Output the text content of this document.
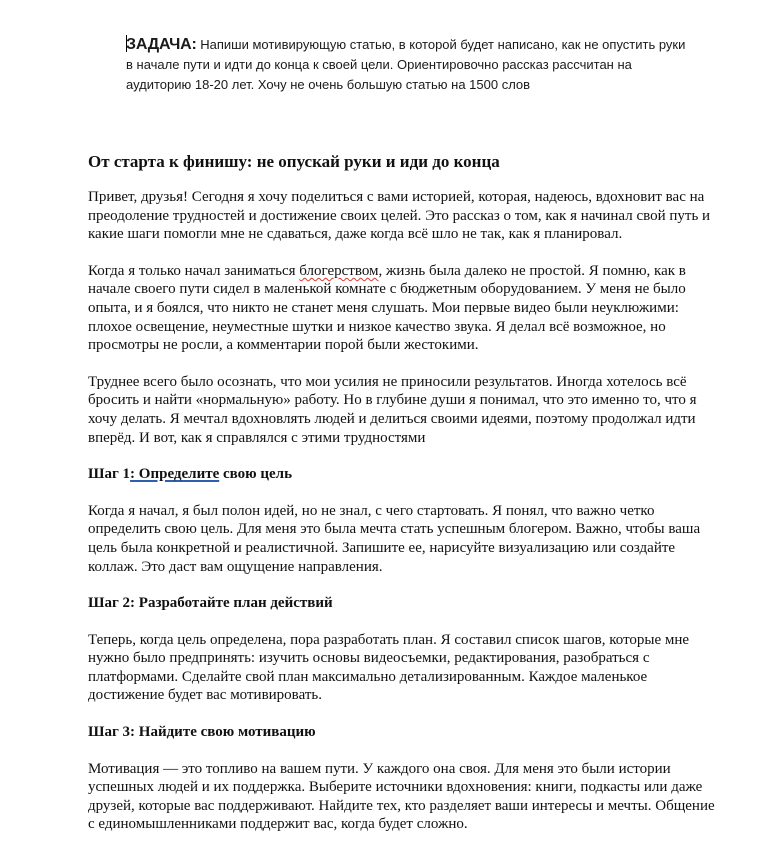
ЗАДАЧА: Напиши мотивирующую статью, в которой будет написано, как не опустить руки в начале пути и идти до конца к своей цели. Ориентировочно рассказ рассчитан на аудиторию 18-20 лет. Хочу не очень большую статью на 1500 слов
От старта к финишу: не опускай руки и иди до конца

Привет, друзья! Сегодня я хочу поделиться с вами историей, которая, надеюсь, вдохновит вас на преодоление трудностей и достижение своих целей. Это рассказ о том, как я начинал свой путь и какие шаги помогли мне не сдаваться, даже когда всё шло не так, как я планировал.

Когда я только начал заниматься блогерством, жизнь была далеко не простой. Я помню, как в начале своего пути сидел в маленькой комнате с бюджетным оборудованием. У меня не было опыта, и я боялся, что никто не станет меня слушать. Мои первые видео были неуклюжими: плохое освещение, неуместные шутки и низкое качество звука. Я делал всё возможное, но просмотры не росли, а комментарии порой были жестокими.

Труднее всего было осознать, что мои усилия не приносили результатов. Иногда хотелось всё бросить и найти «нормальную» работу. Но в глубине души я понимал, что это именно то, что я хочу делать. Я мечтал вдохновлять людей и делиться своими идеями, поэтому продолжал идти вперёд. И вот, как я справлялся с этими трудностями

Шаг 1: Определите свою цель

Когда я начал, я был полон идей, но не знал, с чего стартовать. Я понял, что важно четко определить свою цель. Для меня это была мечта стать успешным блогером. Важно, чтобы ваша цель была конкретной и реалистичной. Запишите ее, нарисуйте визуализацию или создайте коллаж. Это даст вам ощущение направления.

Шаг 2: Разработайте план действий

Теперь, когда цель определена, пора разработать план. Я составил список шагов, которые мне нужно было предпринять: изучить основы видеосъемки, редактирования, разобраться с платформами. Сделайте свой план максимально детализированным. Каждое маленькое достижение будет вас мотивировать.

Шаг 3: Найдите свою мотивацию

Мотивация — это топливо на вашем пути. У каждого она своя. Для меня это были истории успешных людей и их поддержка. Выберите источники вдохновения: книги, подкасты или даже друзей, которые вас поддерживают. Найдите тех, кто разделяет ваши интересы и мечты. Общение с единомышленниками поддержит вас, когда будет сложно.
